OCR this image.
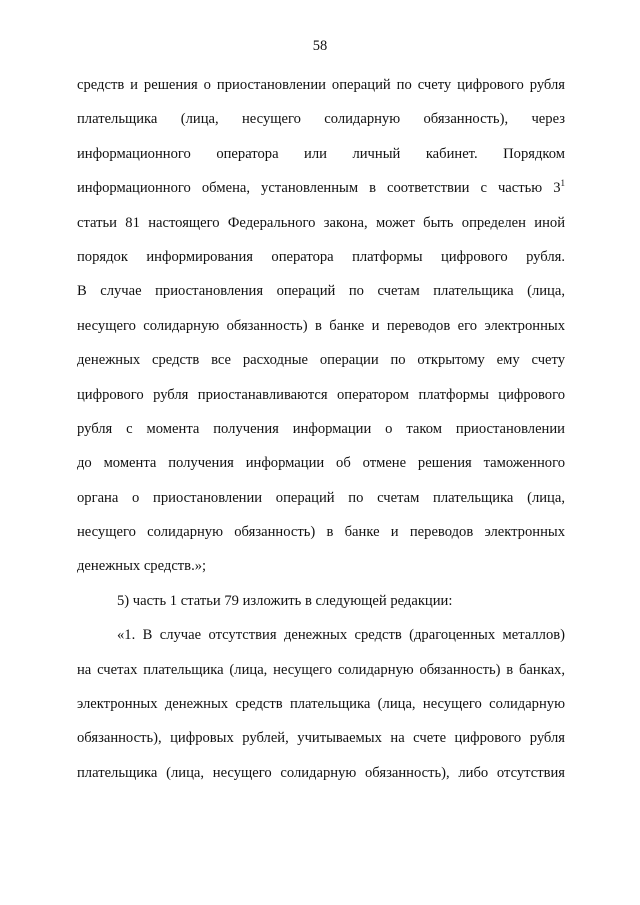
58
средств и решения о приостановлении операций по счету цифрового рубля
плательщика (лица, несущего солидарную обязанность), через
информационного оператора или личный кабинет. Порядком
информационного обмена, установленным в соответствии с частью $3^1$
статьи 81 настоящего Федерального закона, может быть определен иной
порядок информирования оператора платформы цифрового рубля.
В случае приостановления операций по счетам плательщика (лица,
несущего солидарную обязанность) в банке и переводов его электронных
денежных средств все расходные операции по открытому ему счету
цифрового рубля приостанавливаются оператором платформы цифрового
рубля с момента получения информации о таком приостановлении
до момента получения информации об отмене решения таможенного
органа о приостановлении операций по счетам плательщика (лица,
несущего солидарную обязанность) в банке и переводов электронных
денежных средств.»;
5) часть 1 статьи 79 изложить в следующей редакции:
«1. В случае отсутствия денежных средств (драгоценных металлов)
на счетах плательщика (лица, несущего солидарную обязанность) в банках,
электронных денежных средств плательщика (лица, несущего солидарную
обязанность), цифровых рублей, учитываемых на счете цифрового рубля
плательщика (лица, несущего солидарную обязанность), либо отсутствия
